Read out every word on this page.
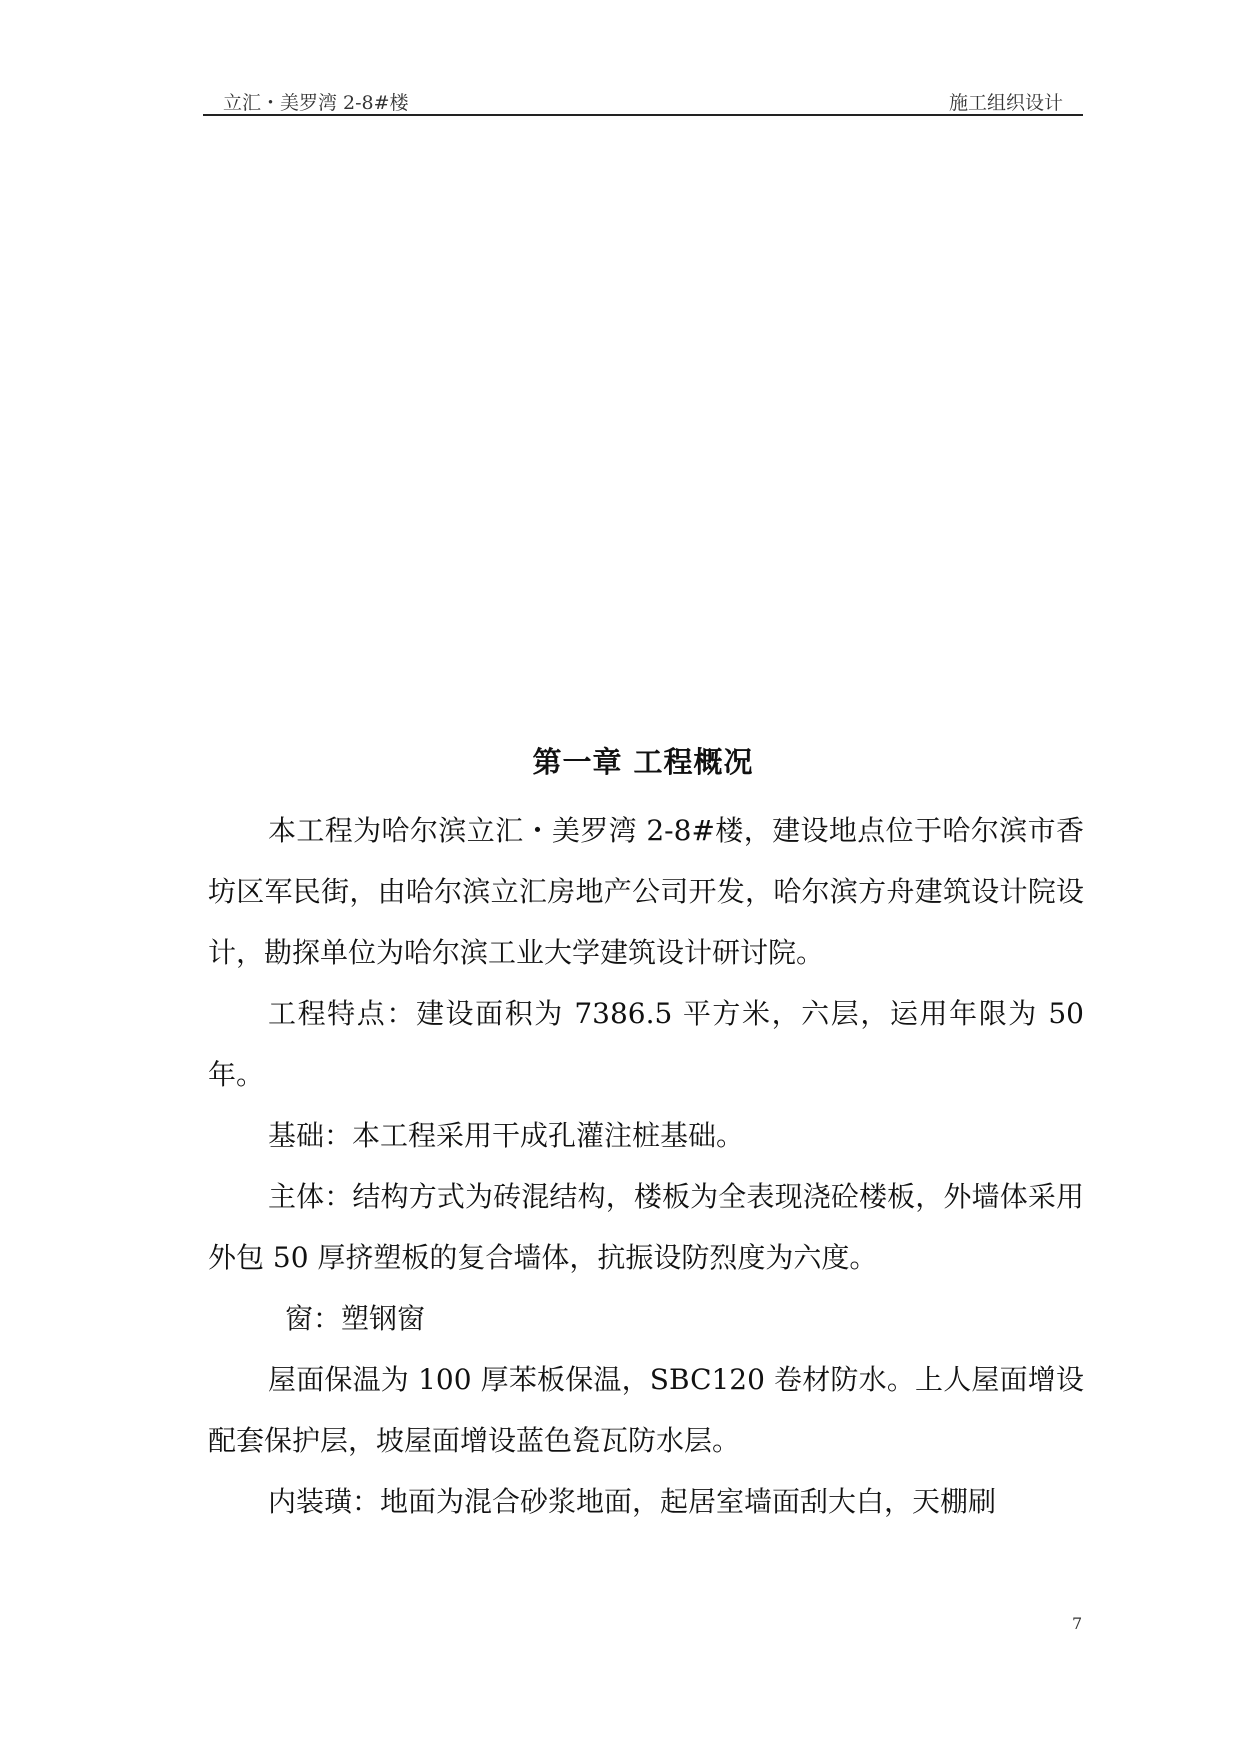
立汇・美罗湾 2-8#楼	施工组织设计
第一章 工程概况

本工程为哈尔滨立汇・美罗湾 2-8#楼，建设地点位于哈尔滨市香坊区军民街，由哈尔滨立汇房地产公司开发，哈尔滨方舟建筑设计院设计，勘探单位为哈尔滨工业大学建筑设计研讨院。

工程特点：建设面积为 7386.5 平方米，六层，运用年限为 50 年。

基础：本工程采用干成孔灌注桩基础。

主体：结构方式为砖混结构，楼板为全表现浇砼楼板，外墙体采用外包 50 厚挤塑板的复合墙体，抗振设防烈度为六度。

窗：塑钢窗

屋面保温为 100 厚苯板保温，SBC120 卷材防水。上人屋面增设配套保护层，坡屋面增设蓝色瓷瓦防水层。

内装璜：地面为混合砂浆地面，起居室墙面刮大白，天棚刷

7
